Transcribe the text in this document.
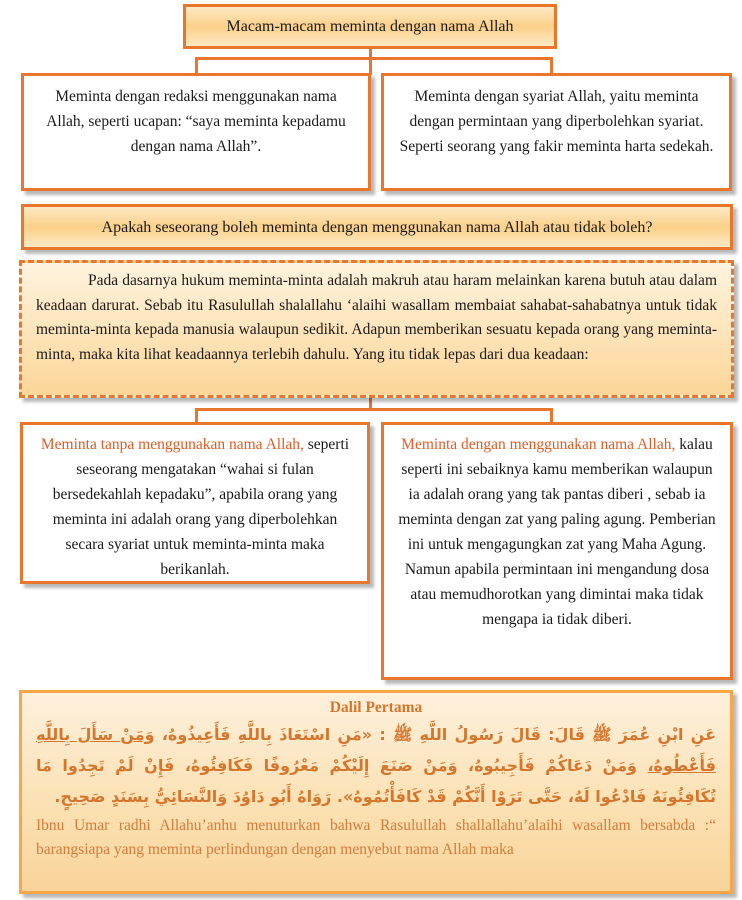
Macam-macam meminta dengan nama Allah
Meminta dengan redaksi menggunakan nama Allah, seperti ucapan: “saya meminta kepadamu dengan nama Allah”.
Meminta dengan syariat Allah, yaitu meminta dengan permintaan yang diperbolehkan syariat. Seperti seorang yang fakir meminta harta sedekah.
Apakah seseorang boleh meminta dengan menggunakan nama Allah atau tidak boleh?
Pada dasarnya hukum meminta-minta adalah makruh atau haram melainkan karena butuh atau dalam keadaan darurat. Sebab itu Rasulullah shalallahu ‘alaihi wasallam membaiat sahabat-sahabatnya untuk tidak meminta-minta kepada manusia walaupun sedikit. Adapun memberikan sesuatu kepada orang yang meminta-minta, maka kita lihat keadaannya terlebih dahulu. Yang itu tidak lepas dari dua keadaan:
Meminta tanpa menggunakan nama Allah, seperti seseorang mengatakan “wahai si fulan bersedekahlah kepadaku”, apabila orang yang meminta ini adalah orang yang diperbolehkan secara syariat untuk meminta-minta maka berikanlah.
Meminta dengan menggunakan nama Allah, kalau seperti ini sebaiknya kamu memberikan walaupun ia adalah orang yang tak pantas diberi , sebab ia meminta dengan zat yang paling agung. Pemberian ini untuk mengagungkan zat yang Maha Agung. Namun apabila permintaan ini mengandung dosa atau memudhorotkan yang dimintai maka tidak mengapa ia tidak diberi.
Dalil Pertama
عَنِ ابْنِ عُمَرَ ﷺ قَالَ: قَالَ رَسُولُ اللَّهِ ﷺ : «مَنِ اسْتَعَاذَ بِاللَّهِ فَأَعِيذُوهُ، وَمَنْ سَأَلَ بِاللَّهِ فَأَعْطُوهُ، وَمَنْ دَعَاكُمْ فَأَجِيبُوهُ، وَمَنْ صَنَعَ إِلَيْكُمْ مَعْرُوفًا فَكَافِئُوهُ، فَإِنْ لَمْ تَجِدُوا مَا تُكَافِئُونَهُ فَادْعُوا لَهُ، حَتَّى تَرَوْا أَنَّكُمْ قَدْ كَافَأْتُمُوهُ». رَوَاهُ أَبُو دَاوُدَ وَالنَّسَائِيُّ بِسَنَدٍ صَحِيحٍ.
Ibnu Umar radhi Allahu’anhu menuturkan bahwa Rasulullah shallallahu’alaihi wasallam bersabda :“ barangsiapa yang meminta perlindungan dengan menyebut nama Allah maka
